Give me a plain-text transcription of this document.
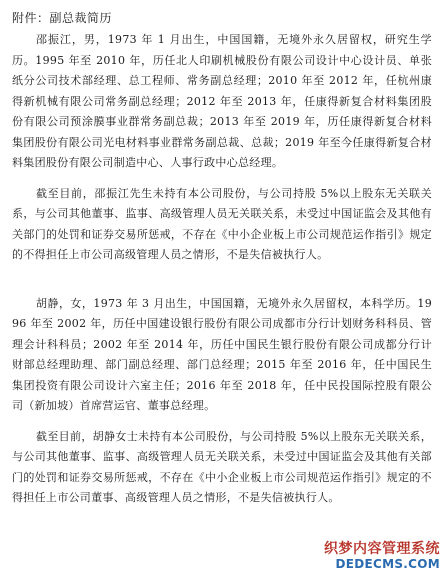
附件：副总裁简历

邵振江，男，1973 年 1 月出生，中国国籍，无境外永久居留权，研究生学历。1995 年至 2010 年，历任北人印刷机械股份有限公司设计中心设计员、单张纸分公司技术部经理、总工程师、常务副总经理；2010 年至 2012 年，任杭州康得新机械有限公司常务副总经理；2012 年至 2013 年，任康得新复合材料集团股份有限公司预涂膜事业群常务副总裁；2013 年至 2019 年，历任康得新复合材料集团股份有限公司光电材料事业群常务副总裁、总裁；2019 年至今任康得新复合材料集团股份有限公司制造中心、人事行政中心总经理。

截至目前，邵振江先生未持有本公司股份，与公司持股 5%以上股东无关联关系，与公司其他董事、监事、高级管理人员无关联关系，未受过中国证监会及其他有关部门的处罚和证券交易所惩戒，不存在《中小企业板上市公司规范运作指引》规定的不得担任上市公司高级管理人员之情形，不是失信被执行人。

胡静，女，1973 年 3 月出生，中国国籍，无境外永久居留权，本科学历。1996 年至 2002 年，历任中国建设银行股份有限公司成都市分行计划财务科科员、管理会计科科员；2002 年至 2014 年，历任中国民生银行股份有限公司成都分行计财部总经理助理、部门副总经理、部门总经理；2015 年至 2016 年，任中国民生集团投资有限公司设计六室主任；2016 年至 2018 年，任中民投国际控股有限公司（新加坡）首席营运官、董事总经理。

截至目前，胡静女士未持有本公司股份，与公司持股 5%以上股东无关联关系，与公司其他董事、监事、高级管理人员无关联关系，未受过中国证监会及其他有关部门的处罚和证券交易所惩戒，不存在《中小企业板上市公司规范运作指引》规定的不得担任上市公司董事、高级管理人员之情形，不是失信被执行人。

织梦内容管理系统
DEDECMS.COM
